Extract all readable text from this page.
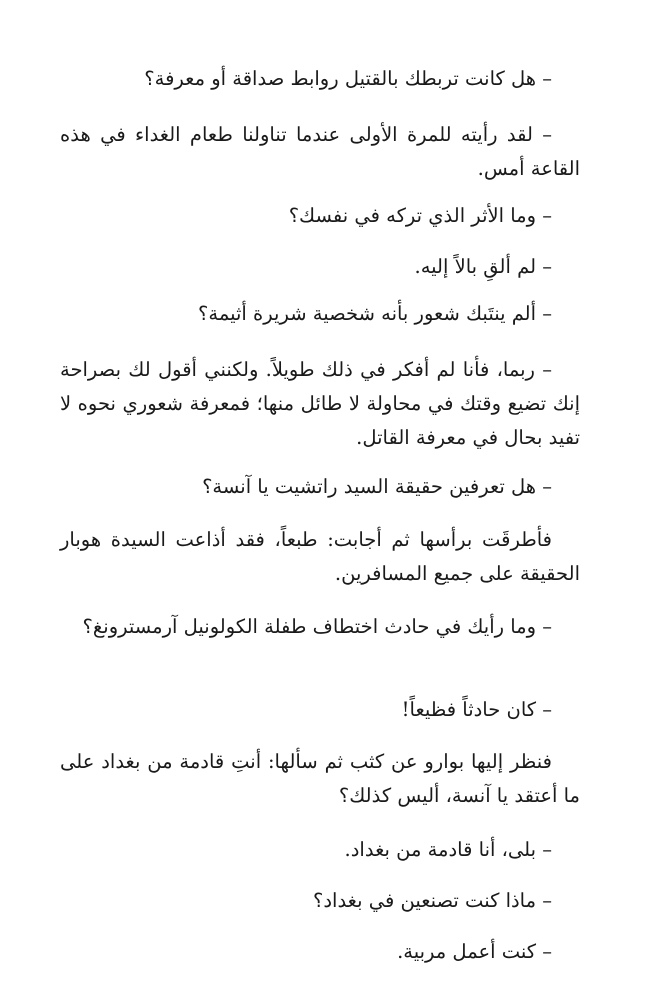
– هل كانت تربطك بالقتيل روابط صداقة أو معرفة؟

– لقد رأيته للمرة الأولى عندما تناولنا طعام الغداء في هذه القاعة أمس.

– وما الأثر الذي تركه في نفسك؟

– لم ألقِ بالاً إليه.

– ألم ينتَبك شعور بأنه شخصية شريرة أثيمة؟

– ربما، فأنا لم أفكر في ذلك طويلاً. ولكنني أقول لك بصراحة إنك تضيع وقتك في محاولة لا طائل منها؛ فمعرفة شعوري نحوه لا تفيد بحال في معرفة القاتل.

– هل تعرفين حقيقة السيد راتشيت يا آنسة؟

فأطرقَت برأسها ثم أجابت: طبعاً، فقد أذاعت السيدة هوبار الحقيقة على جميع المسافرين.

– وما رأيك في حادث اختطاف طفلة الكولونيل آرمسترونغ؟

– كان حادثاً فظيعاً!

فنظر إليها بوارو عن كثب ثم سألها: أنتِ قادمة من بغداد على ما أعتقد يا آنسة، أليس كذلك؟

– بلى، أنا قادمة من بغداد.

– ماذا كنت تصنعين في بغداد؟

– كنت أعمل مربية.
